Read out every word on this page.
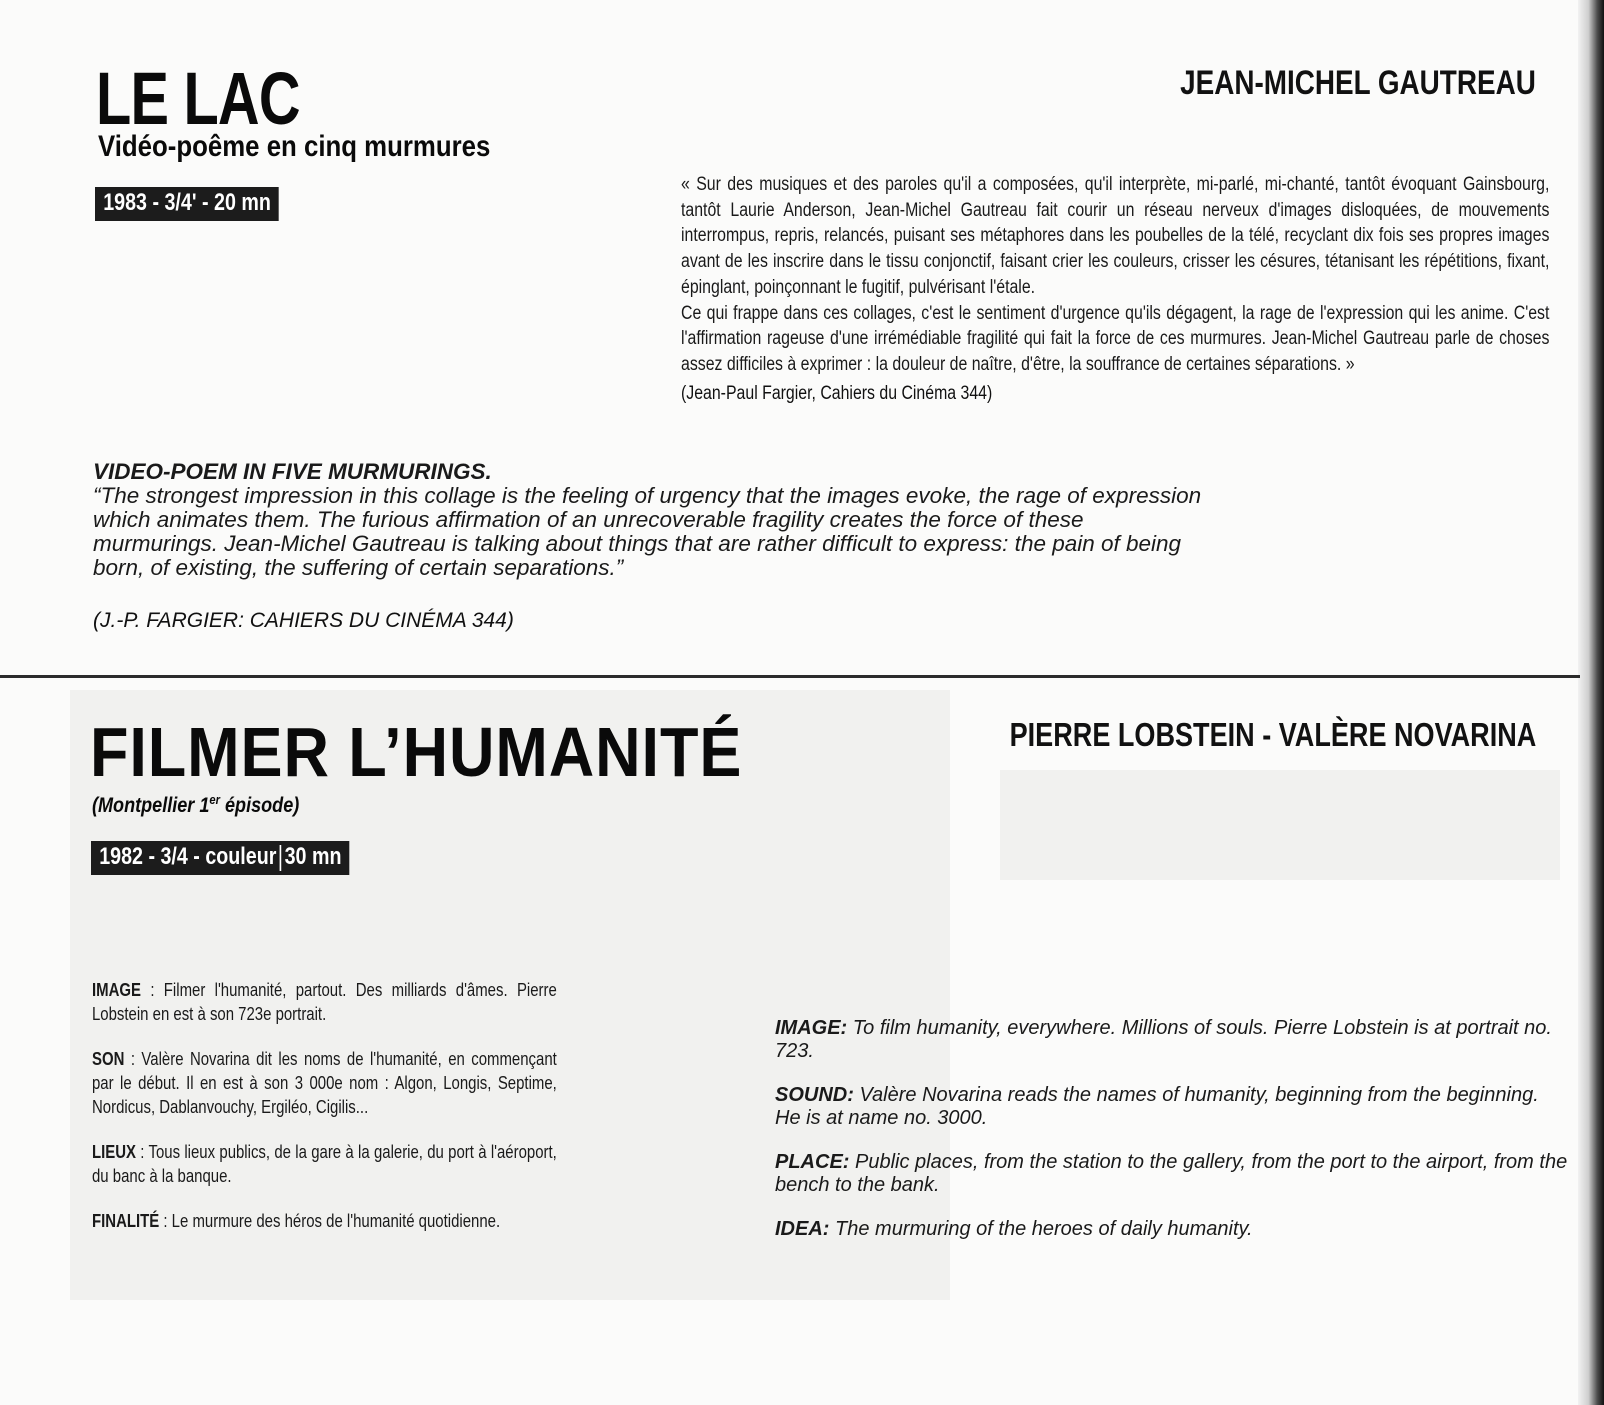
LE LAC
Vidéo-poême en cinq murmures
1983 - 3/4' - 20 mn
JEAN-MICHEL GAUTREAU

« Sur des musiques et des paroles qu'il a composées, qu'il interprète, mi-parlé, mi-chanté, tantôt évoquant Gainsbourg, tantôt Laurie Anderson, Jean-Michel Gautreau fait courir un réseau nerveux d'images disloquées, de mouvements interrompus, repris, relancés, puisant ses métaphores dans les poubelles de la télé, recyclant dix fois ses propres images avant de les inscrire dans le tissu conjonctif, faisant crier les couleurs, crisser les césures, tétanisant les répétitions, fixant, épinglant, poinçonnant le fugitif, pulvérisant l'étale.

Ce qui frappe dans ces collages, c'est le sentiment d'urgence qu'ils dégagent, la rage de l'expression qui les anime. C'est l'affirmation rageuse d'une irrémédiable fragilité qui fait la force de ces murmures. Jean-Michel Gautreau parle de choses assez difficiles à exprimer : la douleur de naître, d'être, la souffrance de certaines séparations. »

(Jean-Paul Fargier, Cahiers du Cinéma 344)
VIDEO-POEM IN FIVE MURMURINGS.
“The strongest impression in this collage is the feeling of urgency that the images evoke, the rage of expression which animates them. The furious affirmation of an unrecoverable fragility creates the force of these murmurings. Jean-Michel Gautreau is talking about things that are rather difficult to express: the pain of being born, of existing, the suffering of certain separations.”
(J.-P. FARGIER: CAHIERS DU CINÉMA 344)
FILMER L’HUMANITÉ
(Montpellier 1er épisode)
1982 - 3/4 - couleur 30 mn
PIERRE LOBSTEIN - VALÈRE NOVARINA

IMAGE : Filmer l'humanité, partout. Des milliards d'âmes. Pierre Lobstein en est à son 723e portrait.

SON : Valère Novarina dit les noms de l'humanité, en commençant par le début. Il en est à son 3 000e nom : Algon, Longis, Septime, Nordicus, Dablanvouchy, Ergiléo, Cigilis...

LIEUX : Tous lieux publics, de la gare à la galerie, du port à l'aéroport, du banc à la banque.

FINALITÉ : Le murmure des héros de l'humanité quotidienne.

IMAGE: To film humanity, everywhere. Millions of souls. Pierre Lobstein is at portrait no. 723.

SOUND: Valère Novarina reads the names of humanity, beginning from the beginning.
He is at name no. 3000.

PLACE: Public places, from the station to the gallery, from the port to the airport, from the bench to the bank.

IDEA: The murmuring of the heroes of daily humanity.
